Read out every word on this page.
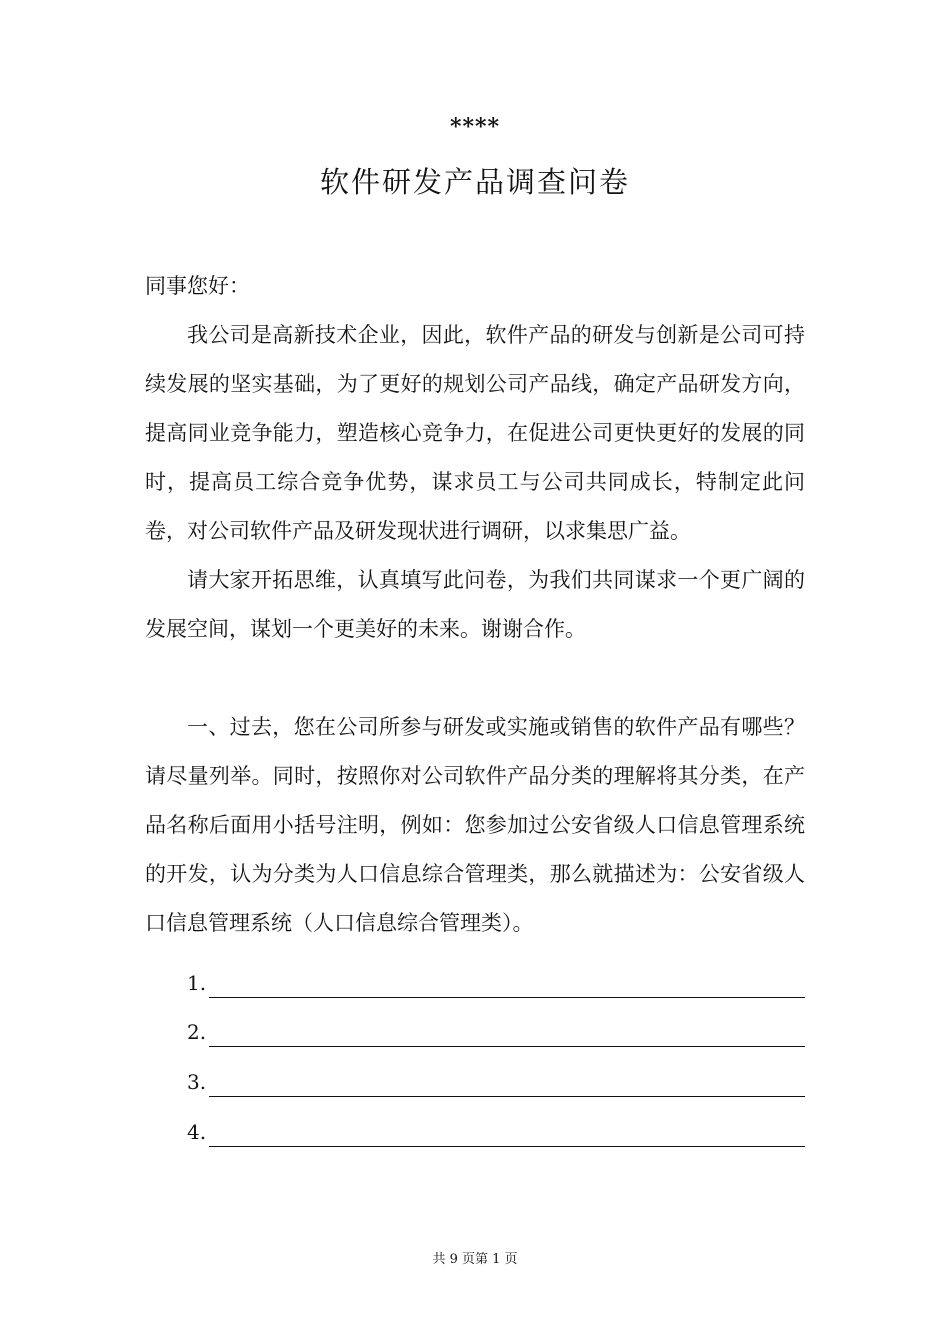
****
软件研发产品调查问卷
同事您好：

我公司是高新技术企业，因此，软件产品的研发与创新是公司可持续发展的坚实基础，为了更好的规划公司产品线，确定产品研发方向，提高同业竞争能力，塑造核心竞争力，在促进公司更快更好的发展的同时，提高员工综合竞争优势，谋求员工与公司共同成长，特制定此问卷，对公司软件产品及研发现状进行调研，以求集思广益。

请大家开拓思维，认真填写此问卷，为我们共同谋求一个更广阔的发展空间，谋划一个更美好的未来。谢谢合作。

一、过去，您在公司所参与研发或实施或销售的软件产品有哪些？请尽量列举。同时，按照你对公司软件产品分类的理解将其分类，在产品名称后面用小括号注明，例如：您参加过公安省级人口信息管理系统的开发，认为分类为人口信息综合管理类，那么就描述为：公安省级人口信息管理系统（人口信息综合管理类）。

1.
2.
3.
4.
共 9 页第 1 页
